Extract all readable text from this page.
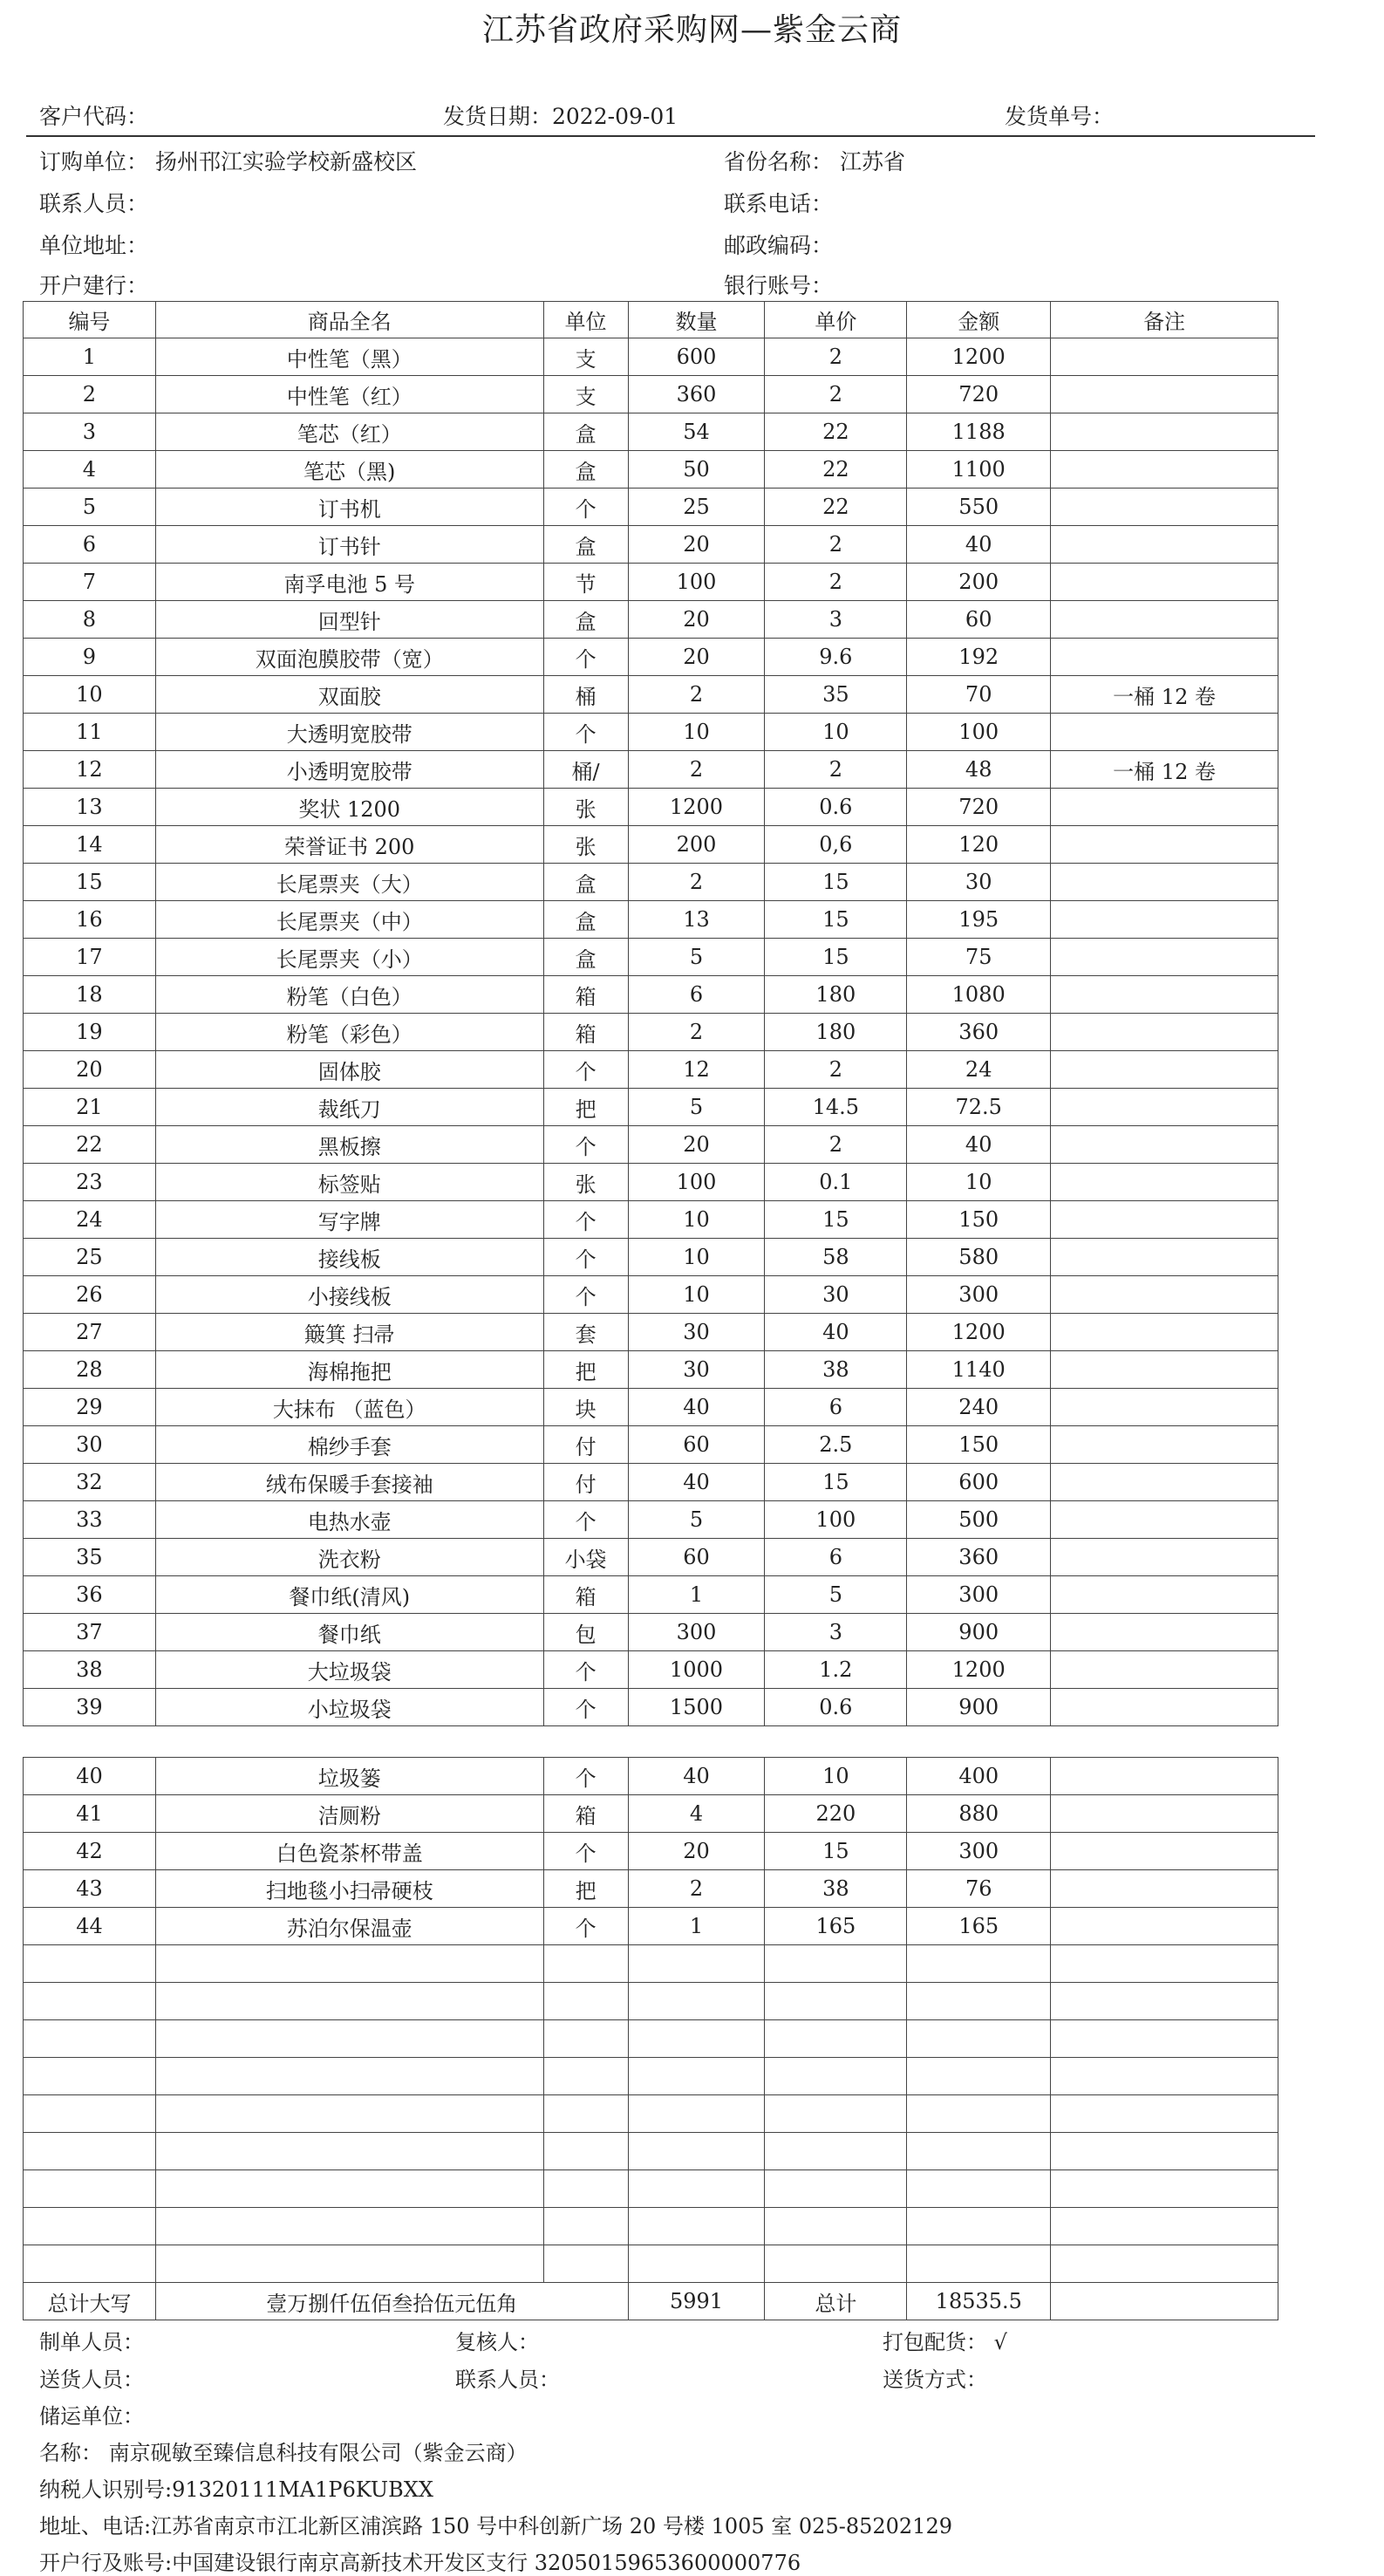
江苏省政府采购网—紫金云商
客户代码：	发货日期：2022-09-01	发货单号：
订购单位： 扬州邗江实验学校新盛校区	省份名称： 江苏省
联系人员：	联系电话：
单位地址：	邮政编码：
开户建行：	银行账号：
编号	商品全名	单位	数量	单价	金额	备注
1	中性笔（黑）	支	600	2	1200	
2	中性笔（红）	支	360	2	720	
3	笔芯（红）	盒	54	22	1188	
4	笔芯（黑)	盒	50	22	1100	
5	订书机	个	25	22	550	
6	订书针	盒	20	2	40	
7	南孚电池 5 号	节	100	2	200	
8	回型针	盒	20	3	60	
9	双面泡膜胶带（宽）	个	20	9.6	192	
10	双面胶	桶	2	35	70	一桶 12 卷
11	大透明宽胶带	个	10	10	100	
12	小透明宽胶带	桶/	2	2	48	一桶 12 卷
13	奖状 1200	张	1200	0.6	720	
14	荣誉证书 200	张	200	0,6	120	
15	长尾票夹（大）	盒	2	15	30	
16	长尾票夹（中）	盒	13	15	195	
17	长尾票夹（小）	盒	5	15	75	
18	粉笔（白色）	箱	6	180	1080	
19	粉笔（彩色）	箱	2	180	360	
20	固体胶	个	12	2	24	
21	裁纸刀	把	5	14.5	72.5	
22	黑板擦	个	20	2	40	
23	标签贴	张	100	0.1	10	
24	写字牌	个	10	15	150	
25	接线板	个	10	58	580	
26	小接线板	个	10	30	300	
27	簸箕 扫帚	套	30	40	1200	
28	海棉拖把	把	30	38	1140	
29	大抹布 （蓝色）	块	40	6	240	
30	棉纱手套	付	60	2.5	150	
32	绒布保暖手套接袖	付	40	15	600	
33	电热水壶	个	5	100	500	
35	洗衣粉	小袋	60	6	360	
36	餐巾纸(清风)	箱	1	5	300	
37	餐巾纸	包	300	3	900	
38	大垃圾袋	个	1000	1.2	1200	
39	小垃圾袋	个	1500	0.6	900	
40	垃圾篓	个	40	10	400	
41	洁厕粉	箱	4	220	880	
42	白色瓷茶杯带盖	个	20	15	300	
43	扫地毯小扫帚硬枝	把	2	38	76	
44	苏泊尔保温壶	个	1	165	165	

总计大写	壹万捌仟伍佰叁拾伍元伍角		5991	总计	18535.5	
制单人员：	复核人：	打包配货： √
送货人员：	联系人员：	送货方式：
储运单位：
名称： 南京砚敏至臻信息科技有限公司（紫金云商）
纳税人识别号:91320111MA1P6KUBXX
地址、电话:江苏省南京市江北新区浦滨路 150 号中科创新广场 20 号楼 1005 室 025-85202129
开户行及账号:中国建设银行南京高新技术开发区支行 32050159653600000776
